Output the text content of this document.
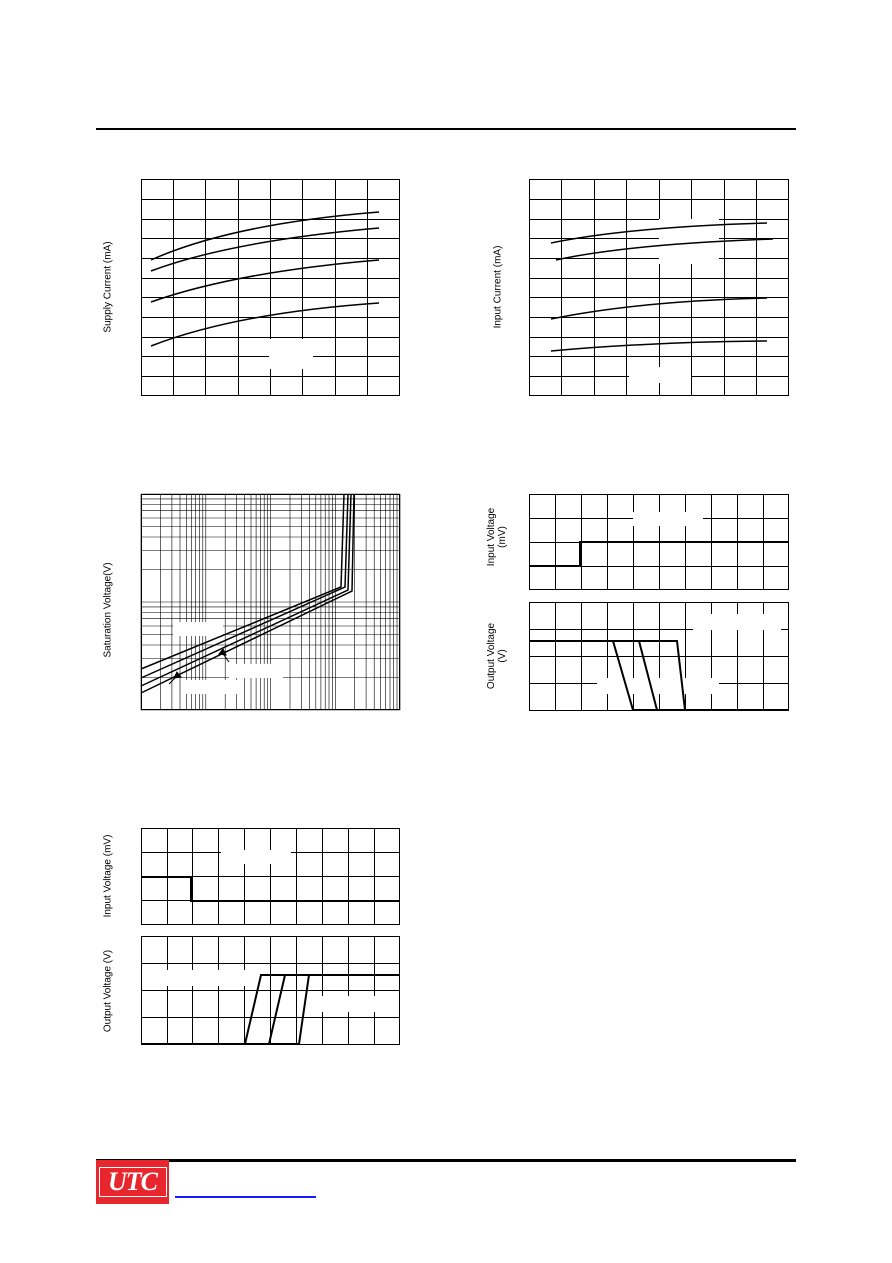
Supply Current (mA)	Input Current (mA)
Saturation Voltage(V)
Input Voltage
(mV)
Output Voltage
(V)
Input Voltage (mV)
Output Voltage (V)
UTC
